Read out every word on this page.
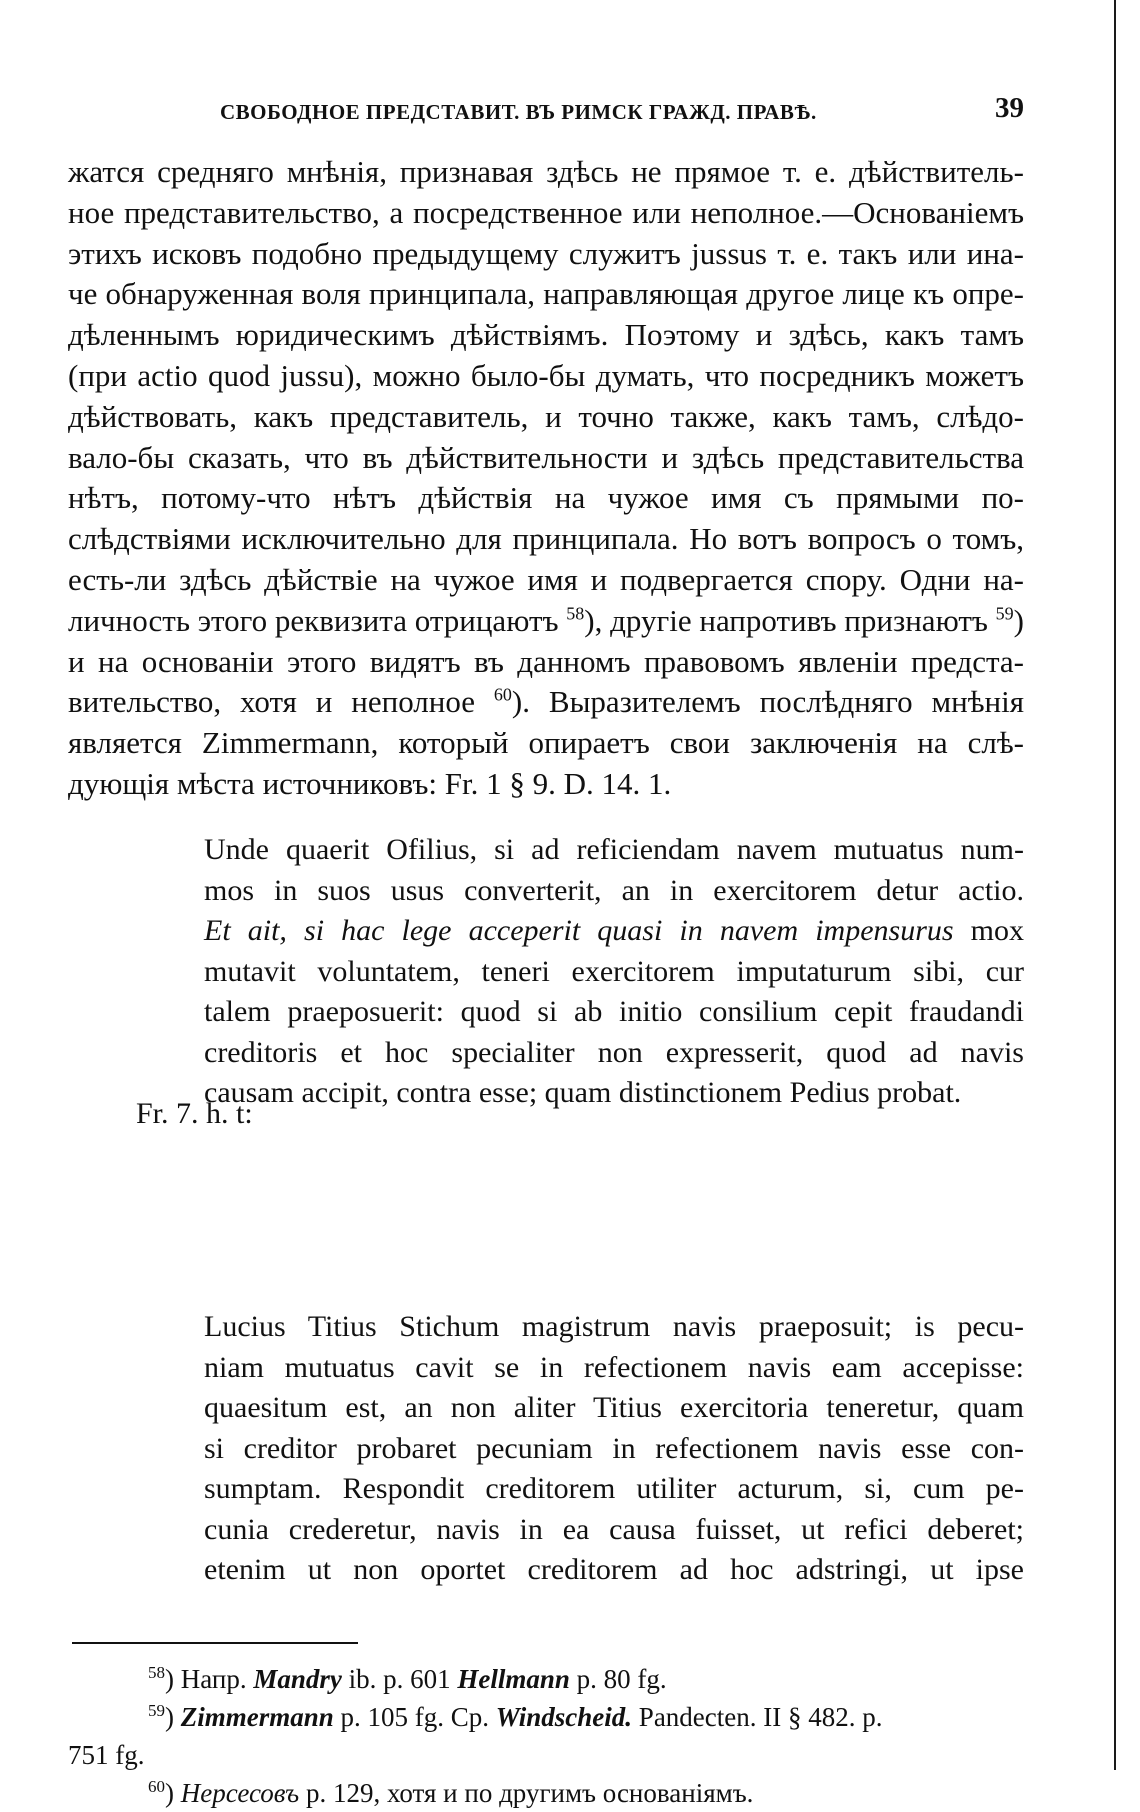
СВОБОДНОЕ ПРЕДСТАВИТ. ВЪ РИМСК ГРАЖД. ПРАВѢ.	39
жатся средняго мнѣнія, признавая здѣсь не прямое т. е. дѣйствитель-
ное представительство, а посредственное или неполное.—Основаніемъ
этихъ исковъ подобно предыдущему служитъ jussus т. е. такъ или ина-
че обнаруженная воля принципала, направляющая другое лице къ опре-
дѣленнымъ юридическимъ дѣйствіямъ. Поэтому и здѣсь, какъ тамъ
(при actio quod jussu), можно было-бы думать, что посредникъ можетъ
дѣйствовать, какъ представитель, и точно также, какъ тамъ, слѣдо-
вало-бы сказать, что въ дѣйствительности и здѣсь представительства
нѣтъ, потому-что нѣтъ дѣйствія на чужое имя съ прямыми по-
слѣдствіями исключительно для принципала. Но вотъ вопросъ о томъ,
есть-ли здѣсь дѣйствіе на чужое имя и подвергается спору. Одни на-
личность этого реквизита отрицаютъ $^{58}$), другіе напротивъ признаютъ $^{59}$)
и на основаніи этого видятъ въ данномъ правовомъ явленіи предста-
вительство, хотя и неполное $^{60}$). Выразителемъ послѣдняго мнѣнія
является Zimmermann, который опираетъ свои заключенія на слѣ-
дующія мѣста источниковъ: Fr. 1 § 9. D. 14. 1.
Unde quaerit Ofilius, si ad reficiendam navem mutuatus num-
mos in suos usus converterit, an in exercitorem detur actio.
Et ait, si hac lege acceperit quasi in navem impensurus mox
mutavit voluntatem, teneri exercitorem imputaturum sibi, cur
talem praeposuerit: quod si ab initio consilium cepit fraudandi
creditoris et hoc specialiter non expresserit, quod ad navis
causam accipit, contra esse; quam distinctionem Pedius probat.
Fr. 7. h. t:
Lucius Titius Stichum magistrum navis praeposuit; is pecu-
niam mutuatus cavit se in refectionem navis eam accepisse:
quaesitum est, an non aliter Titius exercitoria teneretur, quam
si creditor probaret pecuniam in refectionem navis esse con-
sumptam. Respondit creditorem utiliter acturum, si, cum pe-
cunia crederetur, navis in ea causa fuisset, ut refici deberet;
etenim ut non oportet creditorem ad hoc adstringi, ut ipse
$^{58}$) Напр. Mandry ib. p. 601 Hellmann p. 80 fg.
$^{59}$) Zimmermann p. 105 fg. Cp. Windscheid. Pandecten. II § 482. p.
751 fg.
$^{60}$) Нерсесовъ p. 129, хотя и по другимъ основаніямъ.
